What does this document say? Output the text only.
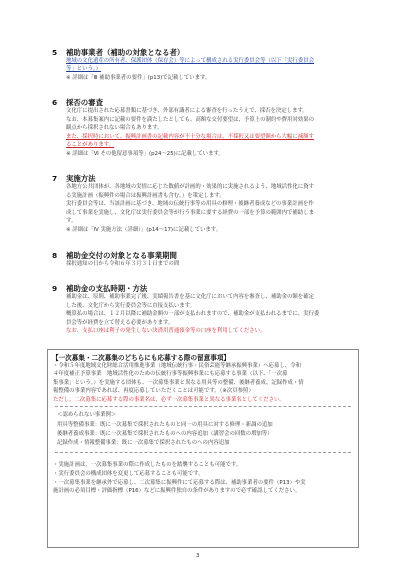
5 補助事業者（補助の対象となる者）
地域の文化遺産の所有者、保護団体（保存会）等によって構成される実行委員会等（以下「実行委員会
等」という。）
※ 詳細は「Ⅲ 補助事業者の要件」(p13)で記載しています。
6 採否の審査
文化庁に提出された応募書類に基づき、外部有識者による審査を行ったうえで、採否を決定します。
なお、本募集案内に記載の要件を満たしたとしても、高額な交付要望は、予算上の制約や費用対効果の
観点から採択されない場合もあります。
また、採択時において、振興計画書の記載内容が不十分な場合は、不採択又は要望額から大幅に減額す
ることがあります。
※ 詳細は「Ⅵ その他留意事項等」(p24～25)に記載しています。
7 実施方法
各地方公共団体が、各地域の実情に応じた数値が計画的・効果的に実施されるよう、地域活性化に資す
る実施計画（振興件の場合は振興計画書も含む。）を策定します。
実行委員会等は、当該計画に基づき、地域の伝統行事等の用具の修理・後継者養成などの事業計画を作
成して事業を実施し、文化庁は実行委員会等が行う事業に要する経費の一部を予算の範囲内で補助しま
す。
※ 詳細は「Ⅳ 実施方法（詳細）」(p14～17)に記載しています。
8 補助金交付の対象となる事業期間
採択通知の日から令和６年３月３１日までの間
9 補助金の支払時期・方法
補助金は、原則、補助事業完了後、実績報告書を基に文化庁において内容を審査し、補助金の額を確定
した後、文化庁から実行委員会等に直接支払います。
概算払の場合は、１２月以降に補助金額の一部が支払われますので、補助金が支払われるまでに、実行委
員会等が経費を立て替える必要があります。
なお、支払口座は利子の発生しない決済用普通預金等の口座を利用してください。
【一次募集・二次募集のどちらにも応募する際の留意事項】
・令和５年度地域文化財総合活用推進事業（地域伝統行事・民俗芸能等継承振興事業）へ応募し、令和
４年度補正予算事業　地域活性化のための伝統行事等振興事業にも応募する事業（以下、「一次募
集事業」という。）を実施する団体も、一次募集事業と異なる用具等の整備、後継者養成、記録作成・情
報整備の事業内容であれば、再度応募していただくことは可能です。（※次頁参照）
ただし、二次募集に応募する際の事業名は、必ず一次募集事業と異なる事業名としてください。
＜認められない事業例＞
用具等整備事業：既に一次募集で採択されたものと同一の用具に対する修理・新調の追加
後継者養成事業：既に一次募集で採択されたものへの内容追加（講習会の回数の増加等）
記録作成・情報整備事業：既に一次募集で採択されたものへの内容追加
・実施計画は、一次募集事業の際に作成したものを踏襲することも可能です。
・実行委員会の構成団体を変更して応募することも可能です。
・一次募集事業を継承外で応募し、二次募集に振興件にて応募する際は、補助事業者の要件（P13）や実
施計画の必須目標・評価指標（P16）などに振興件独自の条件がありますので必ず確認してください。
3
